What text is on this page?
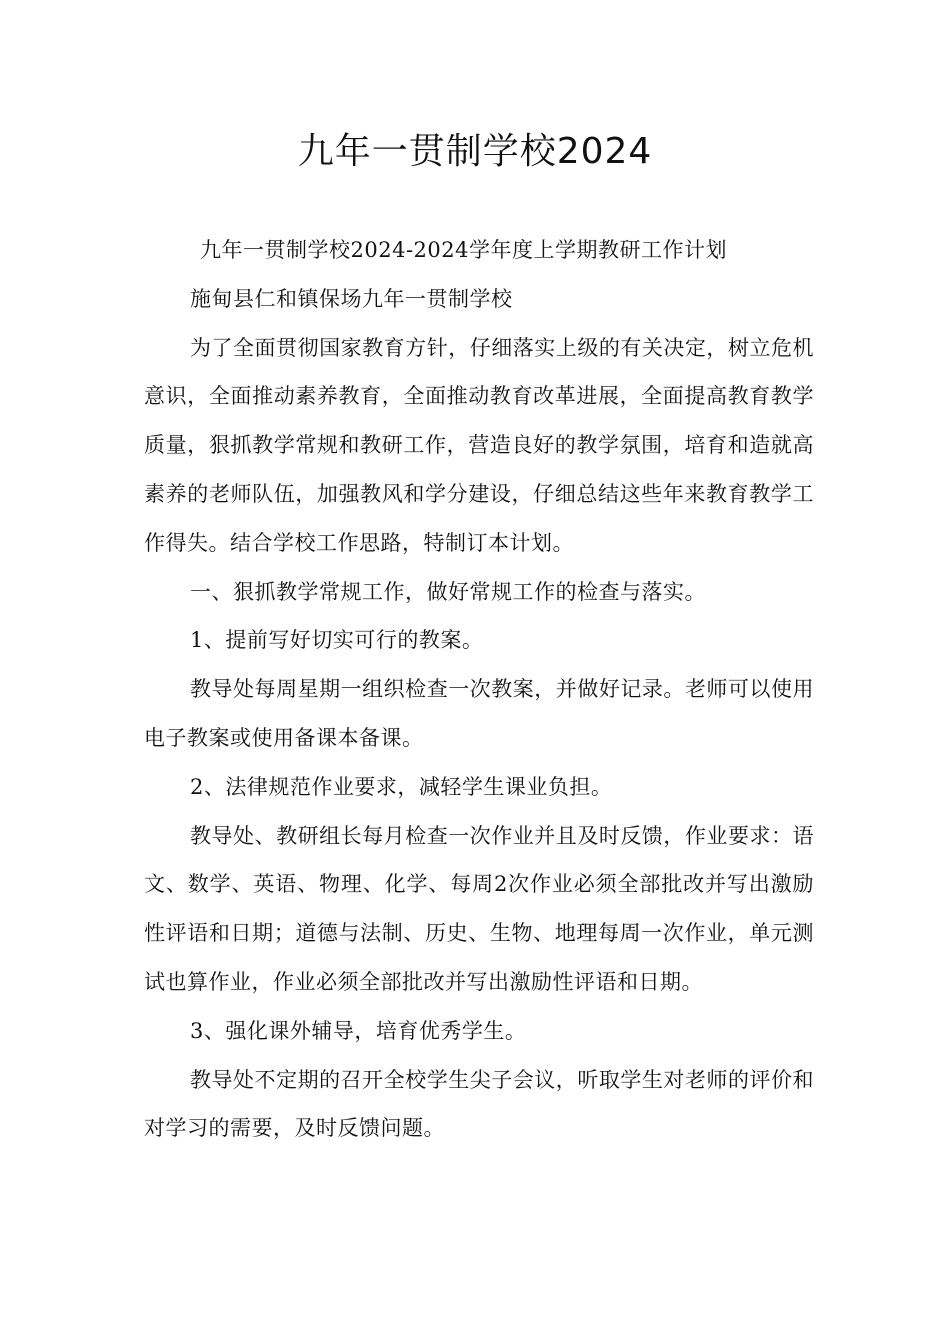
九年一贯制学校2024

九年一贯制学校2024-2024学年度上学期教研工作计划

施甸县仁和镇保场九年一贯制学校

为了全面贯彻国家教育方针，仔细落实上级的有关决定，树立危机意识，全面推动素养教育，全面推动教育改革进展，全面提高教育教学质量，狠抓教学常规和教研工作，营造良好的教学氛围，培育和造就高素养的老师队伍，加强教风和学分建设，仔细总结这些年来教育教学工作得失。结合学校工作思路，特制订本计划。

一、狠抓教学常规工作，做好常规工作的检查与落实。

1、提前写好切实可行的教案。

教导处每周星期一组织检查一次教案，并做好记录。老师可以使用电子教案或使用备课本备课。

2、法律规范作业要求，减轻学生课业负担。

教导处、教研组长每月检查一次作业并且及时反馈，作业要求：语文、数学、英语、物理、化学、每周2次作业必须全部批改并写出激励性评语和日期；道德与法制、历史、生物、地理每周一次作业，单元测试也算作业，作业必须全部批改并写出激励性评语和日期。

3、强化课外辅导，培育优秀学生。

教导处不定期的召开全校学生尖子会议，听取学生对老师的评价和对学习的需要，及时反馈问题。
